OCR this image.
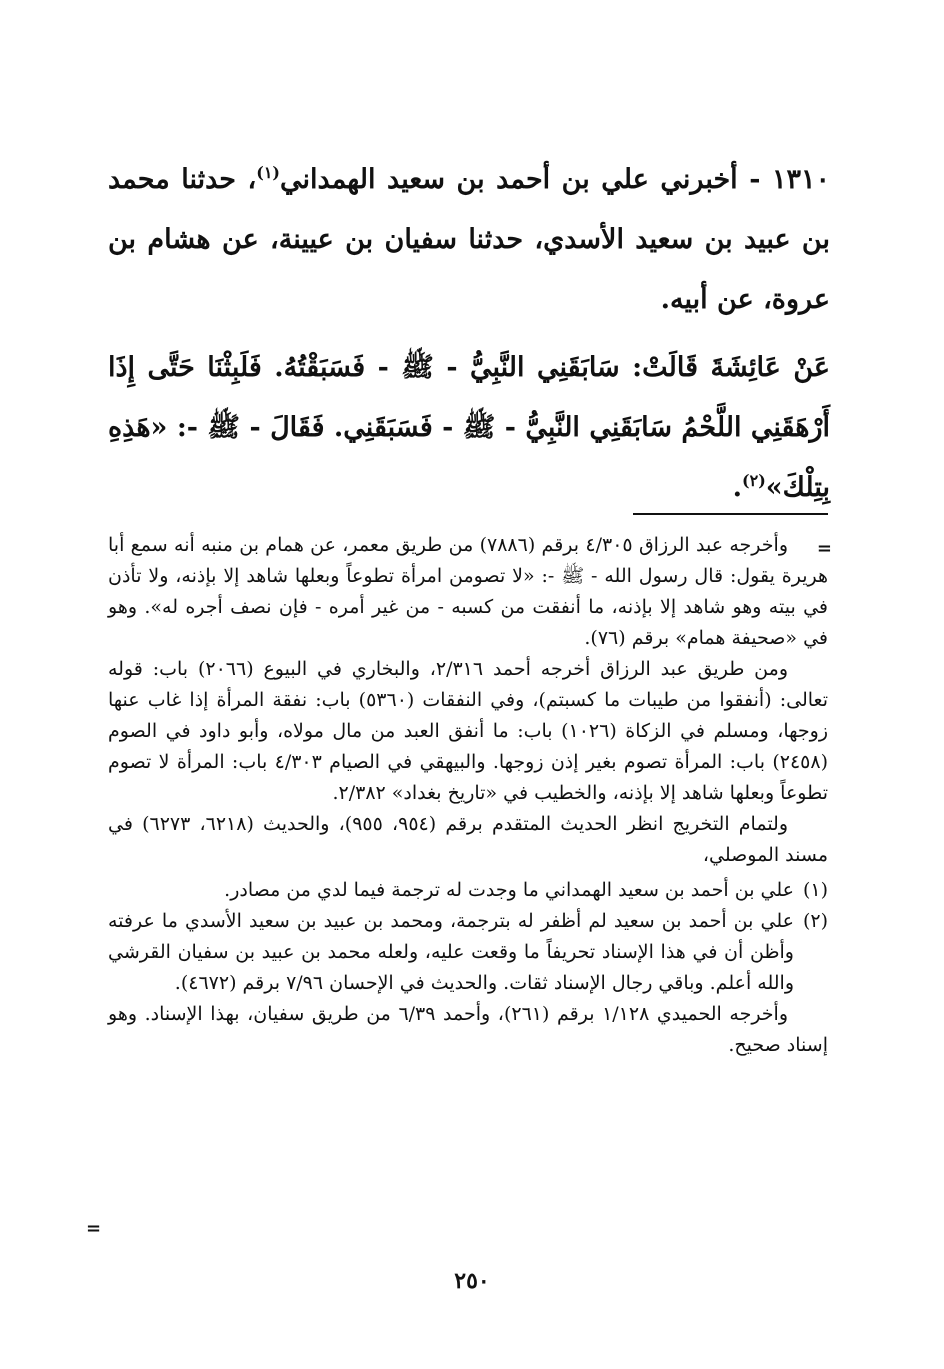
١٣١٠ - أخبرني علي بن أحمد بن سعيد الهمداني$^{(١)}$، حدثنا محمد بن عبيد بن سعيد الأسدي، حدثنا سفيان بن عيينة، عن هشام بن عروة، عن أبيه.

عَنْ عَائِشَةَ قَالَتْ: سَابَقَنِي النَّبِيُّ - ﷺ - فَسَبَقْتُهُ. فَلَبِثْنَا حَتَّى إِذَا أَرْهَقَنِي اللَّحْمُ سَابَقَنِي النَّبِيُّ - ﷺ - فَسَبَقَنِي. فَقَالَ - ﷺ -: «هَذِهِ بِتِلْكَ»$^{(٢)}$.

=

وأخرجه عبد الرزاق ٤/٣٠٥ برقم (٧٨٨٦) من طريق معمر، عن همام بن منبه أنه سمع أبا هريرة يقول: قال رسول الله - ﷺ -: «لا تصومن امرأة تطوعاً وبعلها شاهد إلا بإذنه، ولا تأذن في بيته وهو شاهد إلا بإذنه، ما أنفقت من كسبه - من غير أمره - فإن نصف أجره له». وهو في «صحيفة همام» برقم (٧٦).

ومن طريق عبد الرزاق أخرجه أحمد ٢/٣١٦، والبخاري في البيوع (٢٠٦٦) باب: قوله تعالى: (أنفقوا من طيبات ما كسبتم)، وفي النفقات (٥٣٦٠) باب: نفقة المرأة إذا غاب عنها زوجها، ومسلم في الزكاة (١٠٢٦) باب: ما أنفق العبد من مال مولاه، وأبو داود في الصوم (٢٤٥٨) باب: المرأة تصوم بغير إذن زوجها. والبيهقي في الصيام ٤/٣٠٣ باب: المرأة لا تصوم تطوعاً وبعلها شاهد إلا بإذنه، والخطيب في «تاريخ بغداد» ٢/٣٨٢.

ولتمام التخريج انظر الحديث المتقدم برقم (٩٥٤، ٩٥٥)، والحديث (٦٢١٨، ٦٢٧٣) في مسند الموصلي،

(١)
علي بن أحمد بن سعيد الهمداني ما وجدت له ترجمة فيما لدي من مصادر.

(٢)
علي بن أحمد بن سعيد لم أظفر له بترجمة، ومحمد بن عبيد بن سعيد الأسدي ما عرفته وأظن أن في هذا الإسناد تحريفاً ما وقعت عليه، ولعله محمد بن عبيد بن سفيان القرشي والله أعلم. وباقي رجال الإسناد ثقات. والحديث في الإحسان ٧/٩٦ برقم (٤٦٧٢).

وأخرجه الحميدي ١/١٢٨ برقم (٢٦١)، وأحمد ٦/٣٩ من طريق سفيان، بهذا الإسناد. وهو إسناد صحيح.

=
٢٥٠
